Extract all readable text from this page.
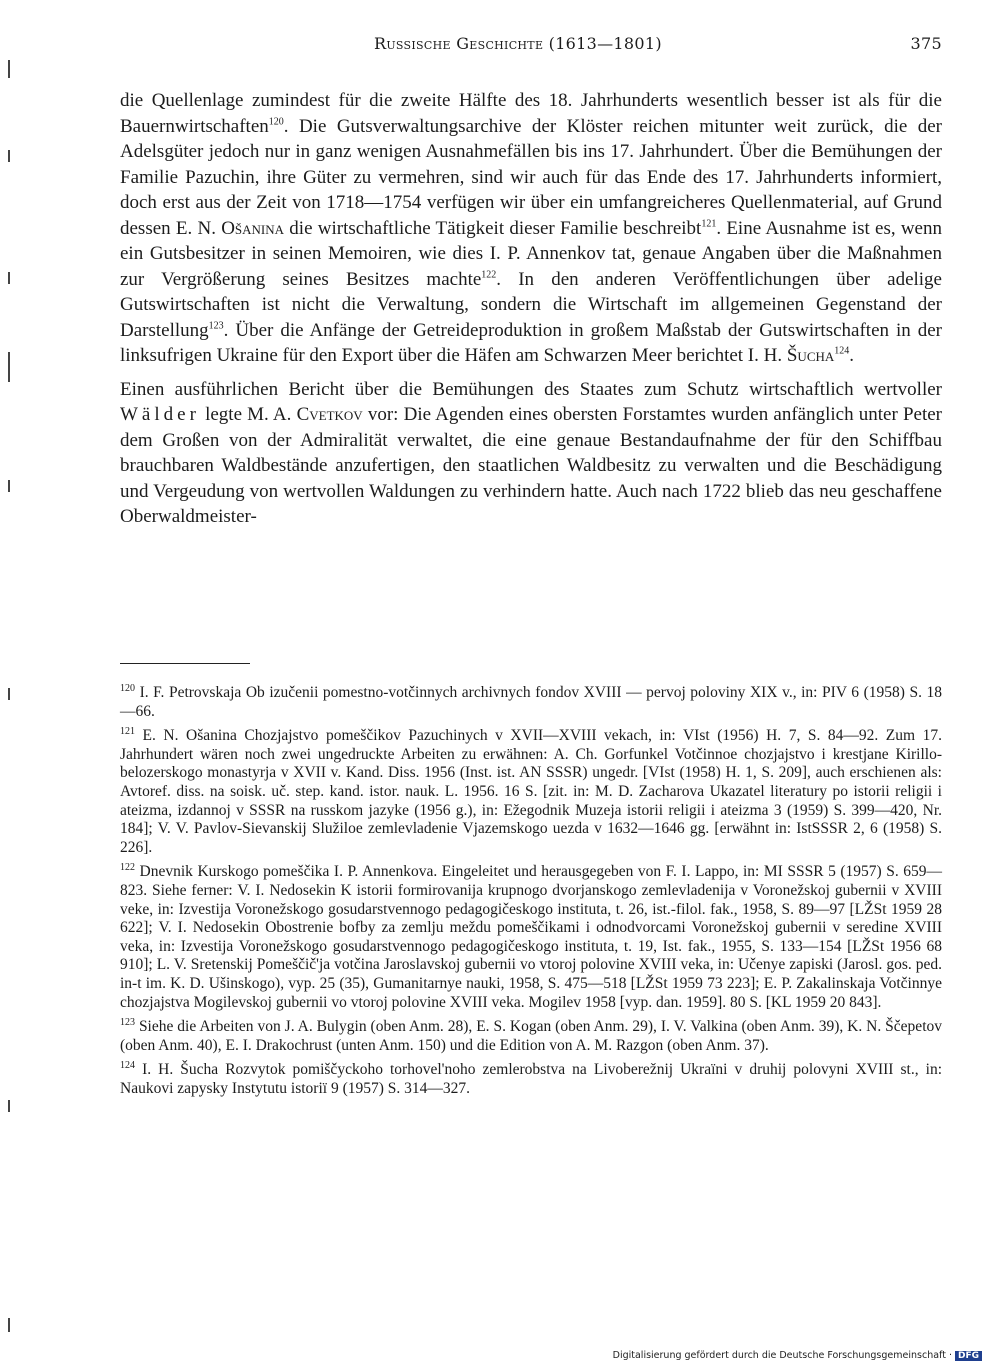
Russische Geschichte (1613—1801)	375

die Quellenlage zumindest für die zweite Hälfte des 18. Jahrhunderts wesentlich besser ist als für die Bauernwirtschaften$^{120}$. Die Gutsverwaltungsarchive der Klöster reichen mitunter weit zurück, die der Adelsgüter jedoch nur in ganz wenigen Ausnahmefällen bis ins 17. Jahrhundert. Über die Bemühungen der Familie Pazuchin, ihre Güter zu vermehren, sind wir auch für das Ende des 17. Jahrhunderts informiert, doch erst aus der Zeit von 1718—1754 verfügen wir über ein umfangreicheres Quellenmaterial, auf Grund dessen E. N. Ošanina die wirtschaftliche Tätigkeit dieser Familie beschreibt$^{121}$. Eine Ausnahme ist es, wenn ein Gutsbesitzer in seinen Memoiren, wie dies I. P. Annenkov tat, genaue Angaben über die Maßnahmen zur Vergrößerung seines Besitzes machte$^{122}$. In den anderen Veröffentlichungen über adelige Gutswirtschaften ist nicht die Verwaltung, sondern die Wirtschaft im allgemeinen Gegenstand der Darstellung$^{123}$. Über die Anfänge der Getreideproduktion in großem Maßstab der Gutswirtschaften in der linksufrigen Ukraine für den Export über die Häfen am Schwarzen Meer berichtet I. H. Šuсна$^{124}$.

Einen ausführlichen Bericht über die Bemühungen des Staates zum Schutz wirtschaftlich wertvoller Wälder legte M. A. Cvetkov vor: Die Agenden eines obersten Forstamtes wurden anfänglich unter Peter dem Großen von der Admiralität verwaltet, die eine genaue Bestandaufnahme der für den Schiffbau brauchbaren Waldbestände anzufertigen, den staatlichen Waldbesitz zu verwalten und die Beschädigung und Vergeudung von wertvollen Waldungen zu verhindern hatte. Auch nach 1722 blieb das neu geschaffene Oberwaldmeister-

$^{120}$ I. F. Petrovskaja Ob izučenii pomestno-votčinnych archivnych fondov XVIII — pervoj poloviny XIX v., in: PIV 6 (1958) S. 18—66.
$^{121}$ E. N. Ošanina Chozjajstvo pomeščikov Pazuchinych v XVII—XVIII vekach, in: VIst (1956) H. 7, S. 84—92. Zum 17. Jahrhundert wären noch zwei ungedruckte Arbeiten zu erwähnen: A. Ch. Gorfunkel Votčinnoe chozjajstvo i krestjane Kirillo-belozerskogo monastyrja v XVII v. Kand. Diss. 1956 (Inst. ist. AN SSSR) ungedr. [VIst (1958) H. 1, S. 209], auch erschienen als: Avtoref. diss. na soisk. uč. step. kand. istor. nauk. L. 1956. 16 S. [zit. in: M. D. Zacharova Ukazatel literatury po istorii religii i ateizma, izdannoj v SSSR na russkom jazyke (1956 g.), in: Ežegodnik Muzeja istorii religii i ateizma 3 (1959) S. 399—420, Nr. 184]; V. V. Pavlov-Sievanskij Služiloe zemlevladenie Vjazemskogo uezda v 1632—1646 gg. [erwähnt in: IstSSSR 2, 6 (1958) S. 226].
$^{122}$ Dnevnik Kurskogo pomeščika I. P. Annenkova. Eingeleitet und herausgegeben von F. I. Lappo, in: MI SSSR 5 (1957) S. 659—823. Siehe ferner: V. I. Nedosekin K istorii formirovanija krupnogo dvorjanskogo zemlevladenija v Voronežskoj gubernii v XVIII veke, in: Izvestija Voronežskogo gosudarstvennogo pedagogičeskogo instituta, t. 26, ist.-filol. fak., 1958, S. 89—97 [LŽSt 1959 28 622]; V. I. Nedosekin Obostrenie bofby za zemlju meždu pomeščikami i odnodvorcami Voronežskoj gubernii v seredine XVIII veka, in: Izvestija Voronežskogo gosudarstvennogo pedagogičeskogo instituta, t. 19, Ist. fak., 1955, S. 133—154 [LŽSt 1956 68 910]; L. V. Sretenskij Pomeščič'ja votčina Jaroslavskoj gubernii vo vtoroj polovine XVIII veka, in: Učenye zapiski (Jarosl. gos. ped. in-t im. K. D. Ušinskogo), vyp. 25 (35), Gumanitarnye nauki, 1958, S. 475—518 [LŽSt 1959 73 223]; E. P. Zakalinskaja Votčinnye chozjajstva Mogilevskoj gubernii vo vtoroj polovine XVIII veka. Mogilev 1958 [vyp. dan. 1959]. 80 S. [KL 1959 20 843].
$^{123}$ Siehe die Arbeiten von J. A. Bulygin (oben Anm. 28), E. S. Kogan (oben Anm. 29), I. V. Valkina (oben Anm. 39), K. N. Ščepetov (oben Anm. 40), E. I. Drakochrust (unten Anm. 150) und die Edition von A. M. Razgon (oben Anm. 37).
$^{124}$ I. H. Šucha Rozvytok pomiščyckoho torhovel'noho zemlerobstva na Livoberežnij Ukraïni v druhij polovyni XVIII st., in: Naukovi zapysky Instytutu istoriï 9 (1957) S. 314—327.
Digitalisierung gefördert durch die Deutsche Forschungsgemeinschaft · DFG
